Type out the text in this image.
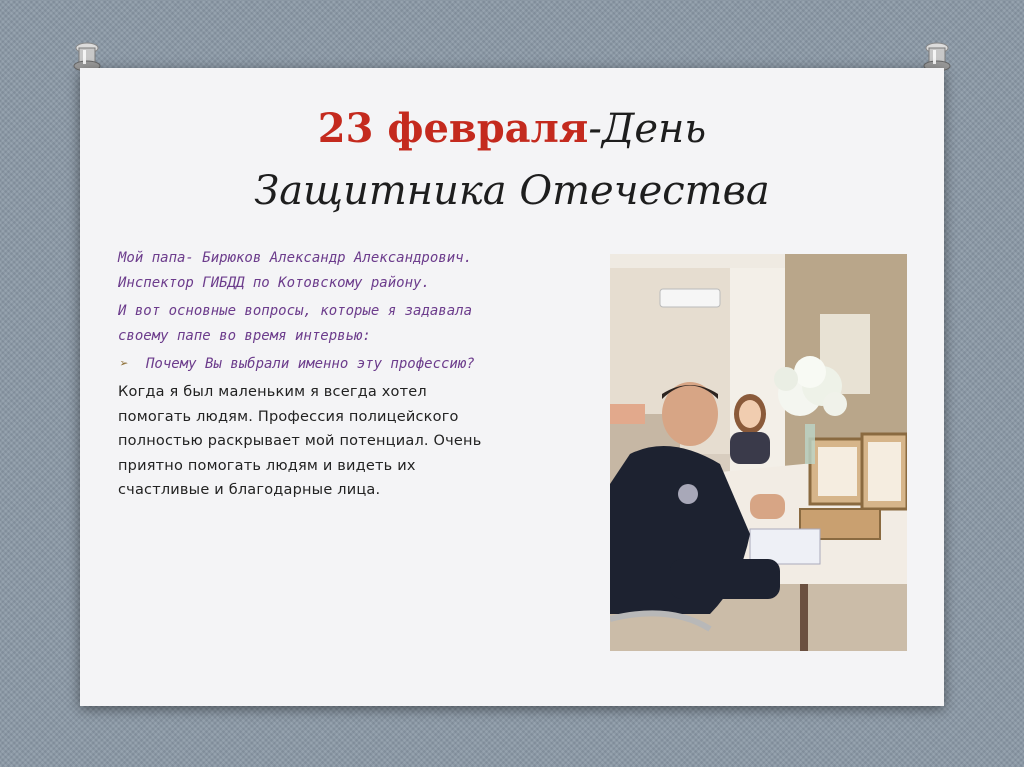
23 февраля-День
Защитника Отечества

Мой папа- Бирюков Александр Александрович. Инспектор ГИБДД по Котовскому району.

И вот основные вопросы, которые я задавала своему папе во время интервью:

➢	Почему Вы выбрали именно эту профессию?

Когда я был маленьким я всегда хотел помогать людям. Профессия полицейского полностью раскрывает мой потенциал. Очень приятно помогать людям и видеть их счастливые и благодарные лица.
